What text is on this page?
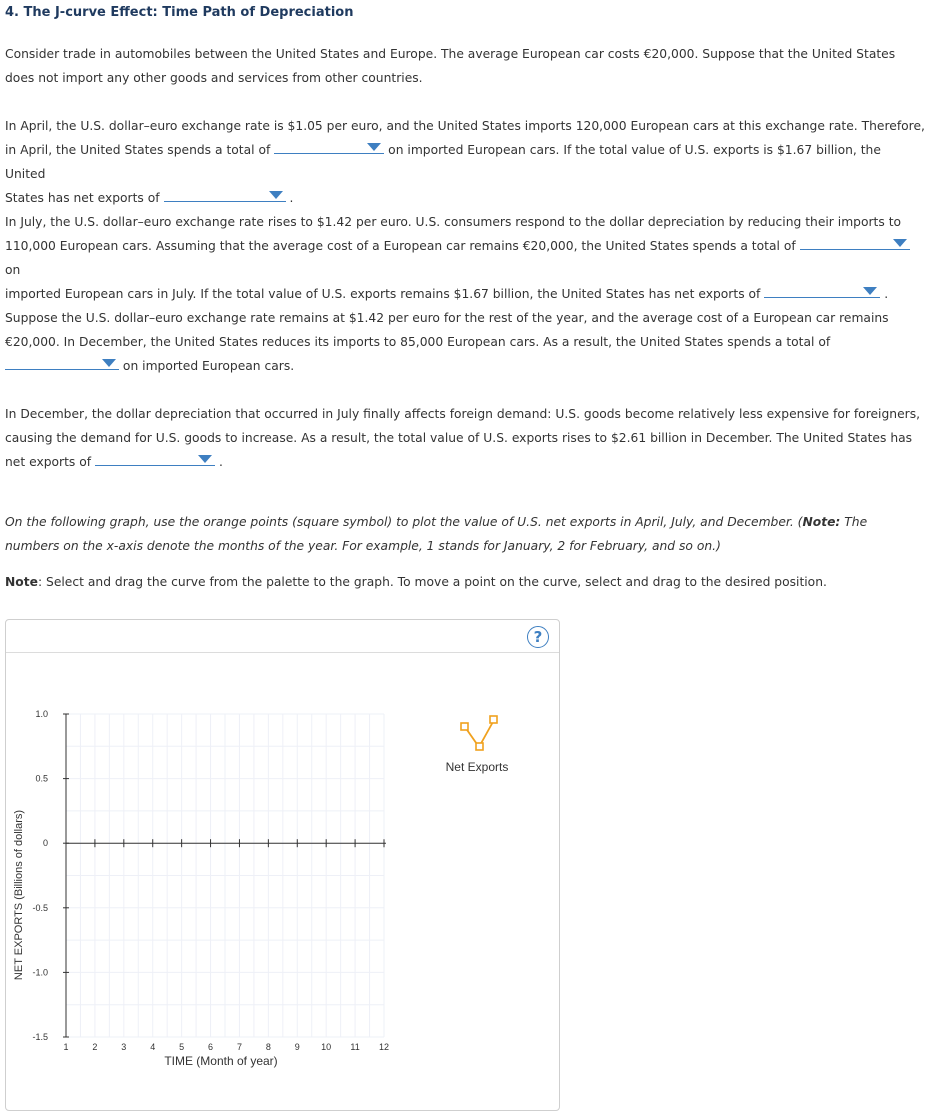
4. The J-curve Effect: Time Path of Depreciation
Consider trade in automobiles between the United States and Europe. The average European car costs €20,000. Suppose that the United States does not import any other goods and services from other countries.
In April, the U.S. dollar–euro exchange rate is $1.05 per euro, and the United States imports 120,000 European cars at this exchange rate. Therefore,
in April, the United States spends a total of	on imported European cars. If the total value of U.S. exports is $1.67 billion, the United
States has net exports of	.
In July, the U.S. dollar–euro exchange rate rises to $1.42 per euro. U.S. consumers respond to the dollar depreciation by reducing their imports to
110,000 European cars. Assuming that the average cost of a European car remains €20,000, the United States spends a total of
on
imported European cars in July. If the total value of U.S. exports remains $1.67 billion, the United States has net exports of	.
Suppose the U.S. dollar–euro exchange rate remains at $1.42 per euro for the rest of the year, and the average cost of a European car remains
€20,000. In December, the United States reduces its imports to 85,000 European cars. As a result, the United States spends a total of
on imported European cars.
In December, the dollar depreciation that occurred in July finally affects foreign demand: U.S. goods become relatively less expensive for foreigners,
causing the demand for U.S. goods to increase. As a result, the total value of U.S. exports rises to $2.61 billion in December. The United States has
net exports of	.
On the following graph, use the orange points (square symbol) to plot the value of U.S. net exports in April, July, and December. (Note: The numbers on the x-axis denote the months of the year. For example, 1 stands for January, 2 for February, and so on.)
Note: Select and drag the curve from the palette to the graph. To move a point on the curve, select and drag to the desired position.
?
1.0
0.5
0
-0.5
-1.0
-1.5
1	2	3	4	5	6	7	8	9 10 11 12
TIME (Month of year)
NET EXPORTS (Billions of dollars)
Net Exports
